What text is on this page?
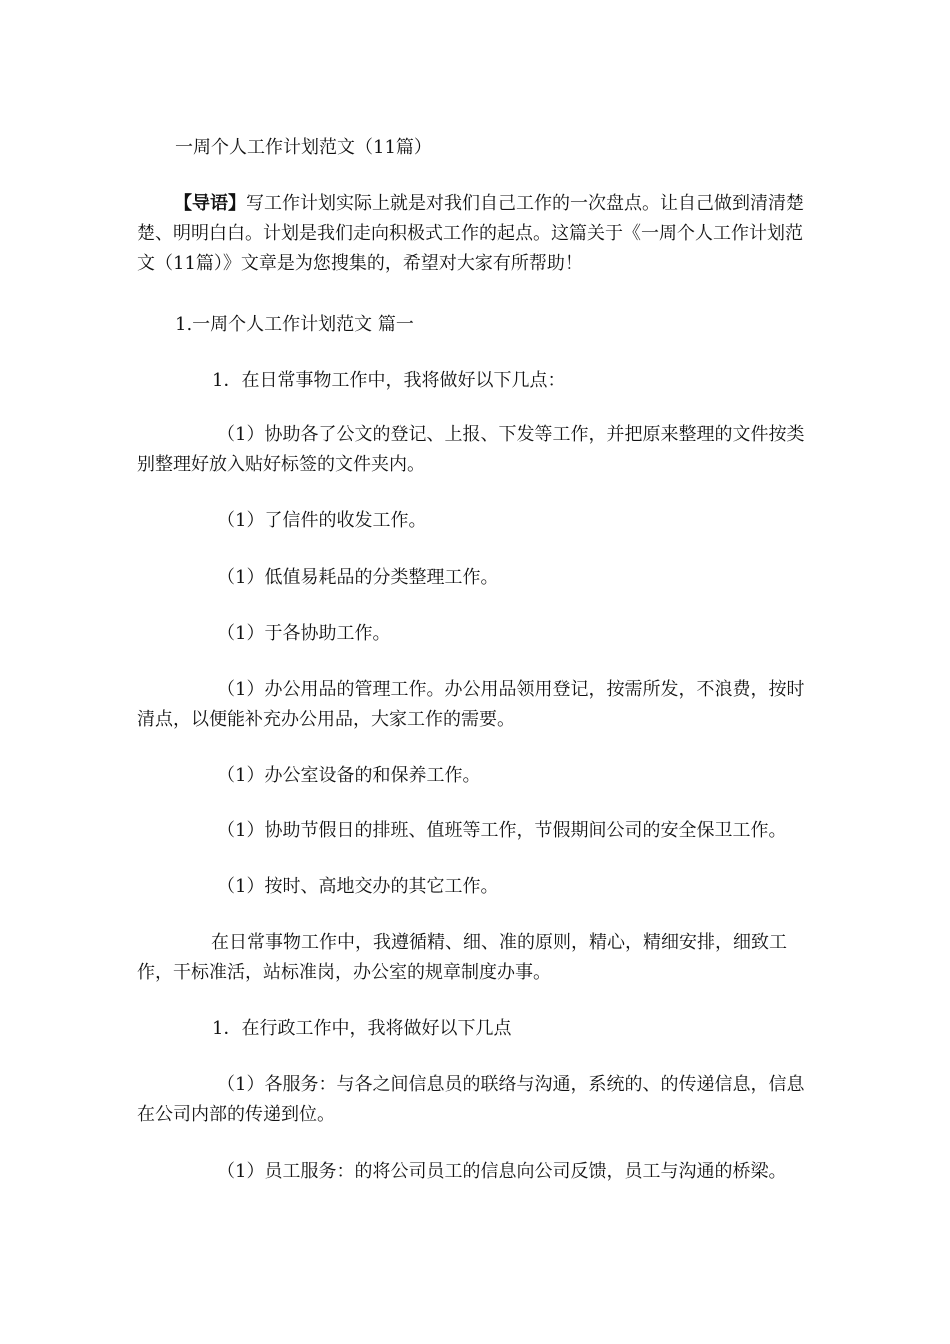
一周个人工作计划范文（11篇）

【导语】写工作计划实际上就是对我们自己工作的一次盘点。让自己做到清清楚楚、明明白白。计划是我们走向积极式工作的起点。这篇关于《一周个人工作计划范文（11篇）》文章是为您搜集的，希望对大家有所帮助！

1.一周个人工作计划范文 篇一

1．在日常事物工作中，我将做好以下几点：

（1）协助各了公文的登记、上报、下发等工作，并把原来整理的文件按类别整理好放入贴好标签的文件夹内。

（1）了信件的收发工作。

（1）低值易耗品的分类整理工作。

（1）于各协助工作。

（1）办公用品的管理工作。办公用品领用登记，按需所发，不浪费，按时清点，以便能补充办公用品，大家工作的需要。

（1）办公室设备的和保养工作。

（1）协助节假日的排班、值班等工作，节假期间公司的安全保卫工作。

（1）按时、高地交办的其它工作。

在日常事物工作中，我遵循精、细、准的原则，精心，精细安排，细致工作，干标准活，站标准岗，办公室的规章制度办事。

1．在行政工作中，我将做好以下几点

（1）各服务：与各之间信息员的联络与沟通，系统的、的传递信息，信息在公司内部的传递到位。

（1）员工服务：的将公司员工的信息向公司反馈，员工与沟通的桥梁。
